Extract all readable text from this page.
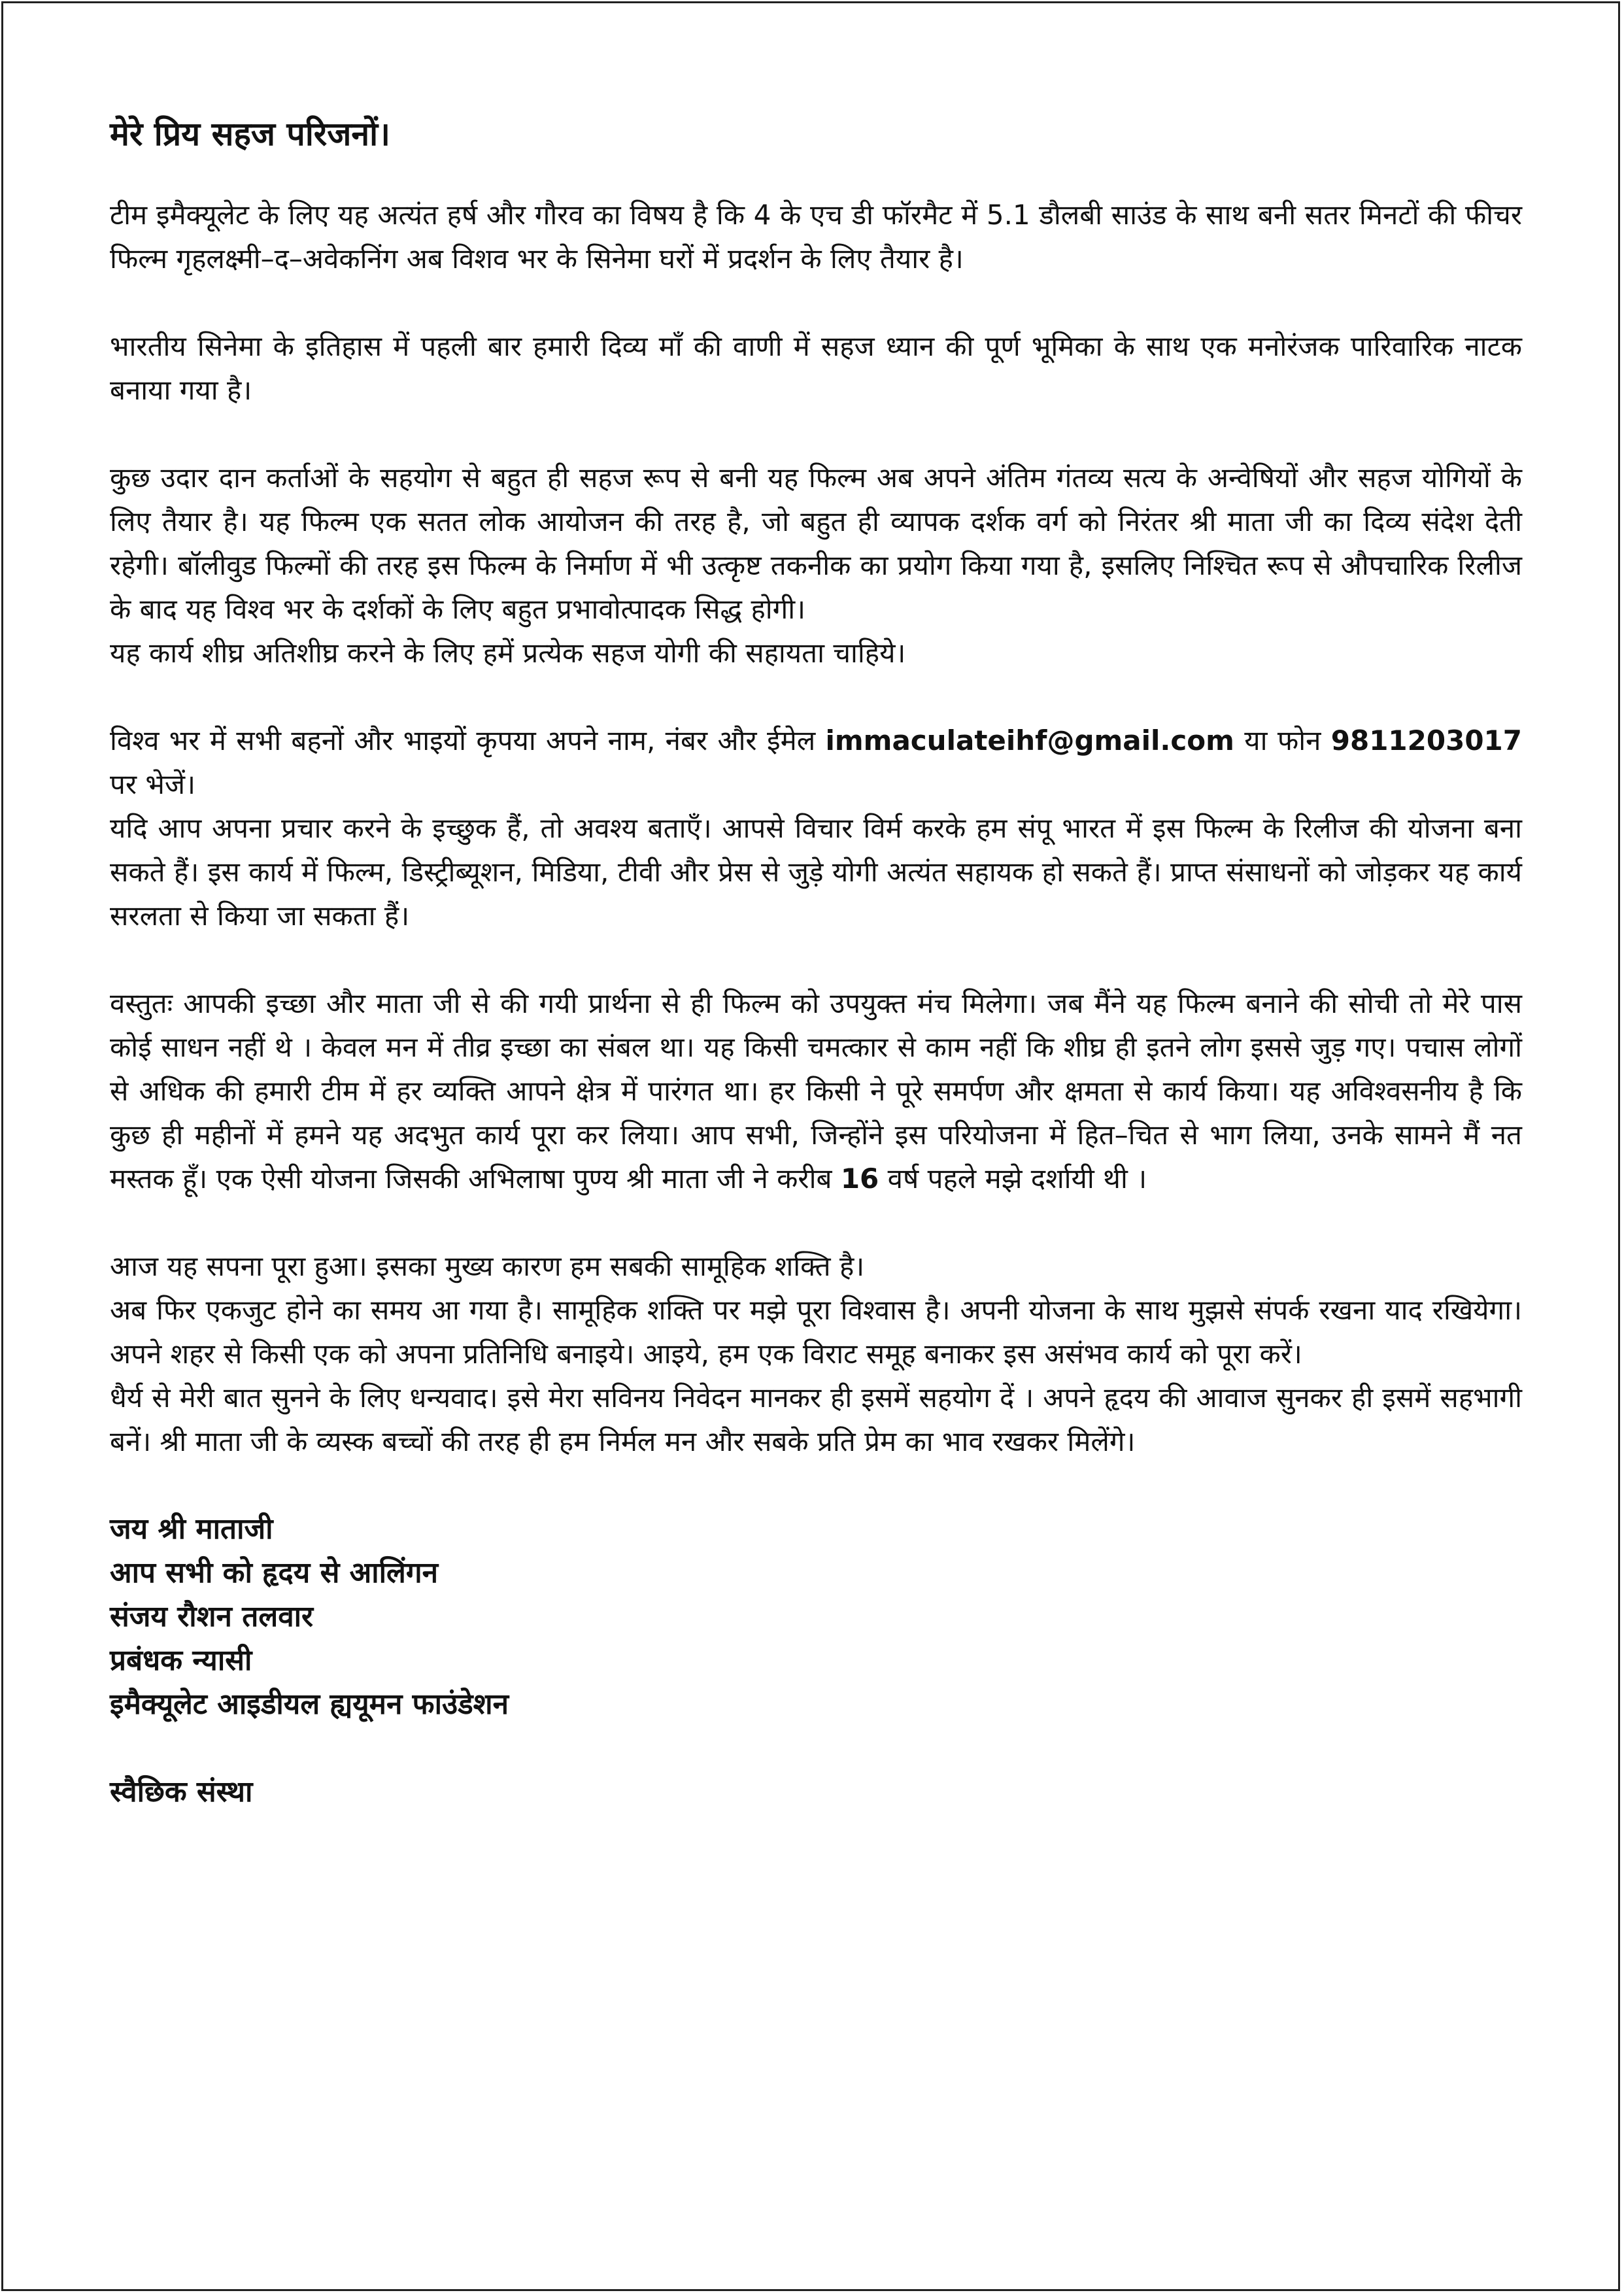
मेरे प्रिय सहज परिजनों।

टीम इमैक्यूलेट के लिए यह अत्यंत हर्ष और गौरव का विषय है कि 4 के एच डी फॉरमैट में 5.1 डौलबी साउंड के साथ बनी सतर मिनटों की फीचर फिल्म गृहलक्ष्मी–द–अवेकनिंग अब विशव भर के सिनेमा घरों में प्रदर्शन के लिए तैयार है।

भारतीय सिनेमा के इतिहास में पहली बार हमारी दिव्य माँ की वाणी में सहज ध्यान की पूर्ण भूमिका के साथ एक मनोरंजक पारिवारिक नाटक बनाया गया है।

कुछ उदार दान कर्ताओं के सहयोग से बहुत ही सहज रूप से बनी यह फिल्म अब अपने अंतिम गंतव्य सत्य के अन्वेषियों और सहज योगियों के लिए तैयार है। यह फिल्म एक सतत लोक आयोजन की तरह है, जो बहुत ही व्यापक दर्शक वर्ग को निरंतर श्री माता जी का दिव्य संदेश देती रहेगी। बॉलीवुड फिल्मों की तरह इस फिल्म के निर्माण में भी उत्कृष्ट तकनीक का प्रयोग किया गया है, इसलिए निश्चित रूप से औपचारिक रिलीज के बाद यह विश्व भर के दर्शकों के लिए बहुत प्रभावोत्पादक सिद्ध होगी।
यह कार्य शीघ्र अतिशीघ्र करने के लिए हमें प्रत्येक सहज योगी की सहायता चाहिये।
विश्व भर में सभी बहनों और भाइयों कृपया अपने नाम, नंबर और ईमेल immaculateihf@gmail.com या फोन 9811203017 पर भेजें।
यदि आप अपना प्रचार करने के इच्छुक हैं, तो अवश्य बताएँ। आपसे विचार विर्म करके हम संपू भारत में इस फिल्म के रिलीज की योजना बना सकते हैं। इस कार्य में फिल्म, डिस्ट्रीब्यूशन, मिडिया, टीवी और प्रेस से जुड़े योगी अत्यंत सहायक हो सकते हैं। प्राप्त संसाधनों को जोड़कर यह कार्य सरलता से किया जा सकता हैं।

वस्तुतः आपकी इच्छा और माता जी से की गयी प्रार्थना से ही फिल्म को उपयुक्त मंच मिलेगा। जब मैंने यह फिल्म बनाने की सोची तो मेरे पास कोई साधन नहीं थे । केवल मन में तीव्र इच्छा का संबल था। यह किसी चमत्कार से काम नहीं कि शीघ्र ही इतने लोग इससे जुड़ गए। पचास लोगों से अधिक की हमारी टीम में हर व्यक्ति आपने क्षेत्र में पारंगत था। हर किसी ने पूरे समर्पण और क्षमता से कार्य किया। यह अविश्वसनीय है कि कुछ ही महीनों में हमने यह अदभुत कार्य पूरा कर लिया। आप सभी, जिन्होंने इस परियोजना में हित–चित से भाग लिया, उनके सामने मैं नत मस्तक हूँ। एक ऐसी योजना जिसकी अभिलाषा पुण्य श्री माता जी ने करीब 16 वर्ष पहले मझे दर्शायी थी ।

आज यह सपना पूरा हुआ। इसका मुख्य कारण हम सबकी सामूहिक शक्ति है।
अब फिर एकजुट होने का समय आ गया है। सामूहिक शक्ति पर मझे पूरा विश्वास है। अपनी योजना के साथ मुझसे संपर्क रखना याद रखियेगा। अपने शहर से किसी एक को अपना प्रतिनिधि बनाइये। आइये, हम एक विराट समूह बनाकर इस असंभव कार्य को पूरा करें।
धैर्य से मेरी बात सुनने के लिए धन्यवाद। इसे मेरा सविनय निवेदन मानकर ही इसमें सहयोग दें । अपने हृदय की आवाज सुनकर ही इसमें सहभागी बनें। श्री माता जी के व्यस्क बच्चों की तरह ही हम निर्मल मन और सबके प्रति प्रेम का भाव रखकर मिलेंगे।
जय श्री माताजी
आप सभी को हृदय से आलिंगन
संजय रौशन तलवार
प्रबंधक न्यासी
इमैक्यूलेट आइडीयल ह्ययूमन फाउंडेशन
स्वैछिक संस्था
